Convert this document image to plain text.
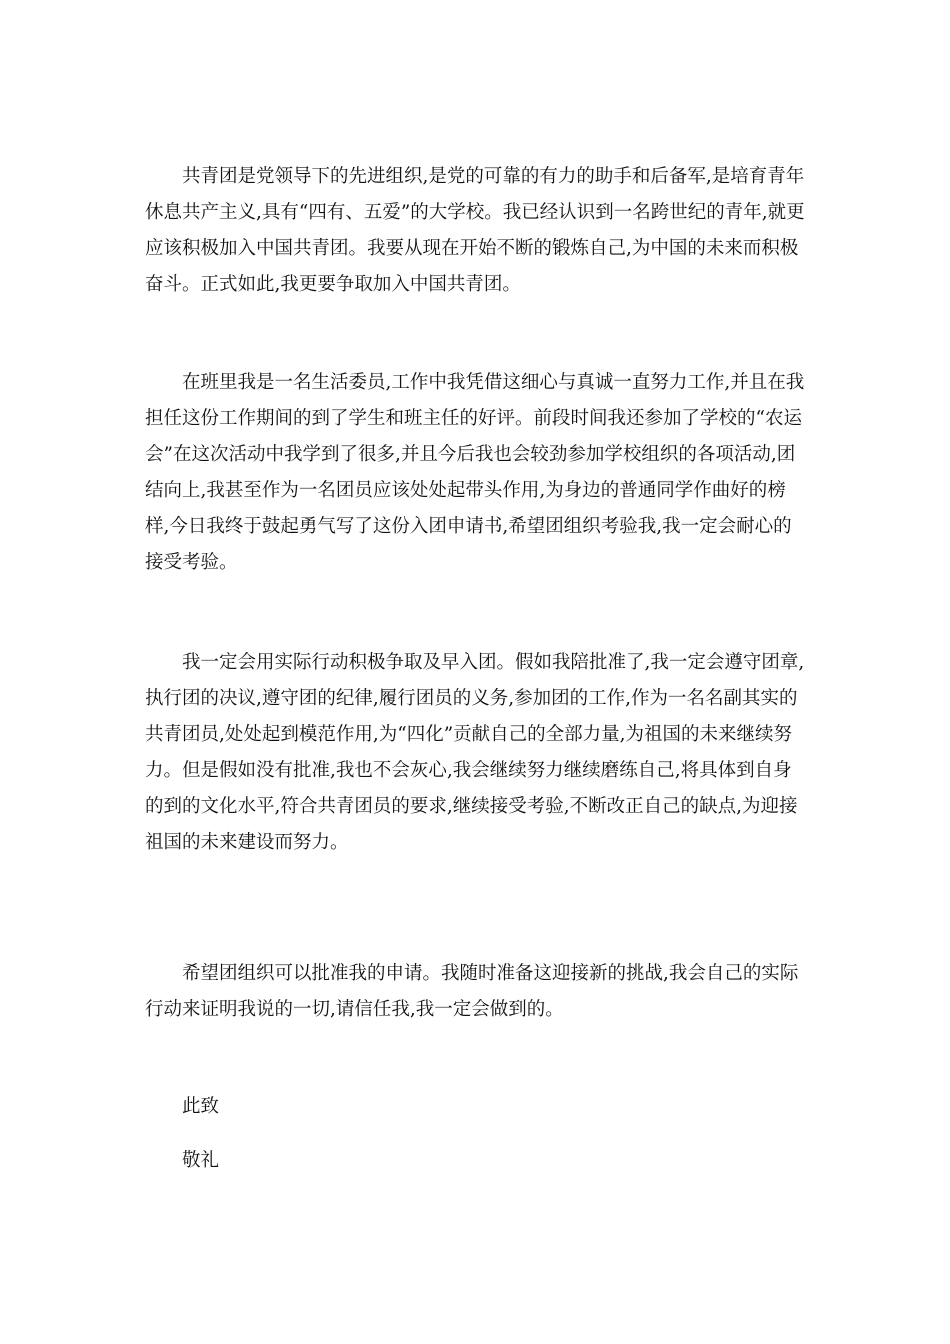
共青团是党领导下的先进组织,是党的可靠的有力的助手和后备军,是培育青年休息共产主义,具有“四有、五爱”的大学校。我已经认识到一名跨世纪的青年,就更应该积极加入中国共青团。我要从现在开始不断的锻炼自己,为中国的未来而积极奋斗。正式如此,我更要争取加入中国共青团。

在班里我是一名生活委员,工作中我凭借这细心与真诚一直努力工作,并且在我担任这份工作期间的到了学生和班主任的好评。前段时间我还参加了学校的“农运会”在这次活动中我学到了很多,并且今后我也会较劲参加学校组织的各项活动,团结向上,我甚至作为一名团员应该处处起带头作用,为身边的普通同学作曲好的榜样,今日我终于鼓起勇气写了这份入团申请书,希望团组织考验我,我一定会耐心的接受考验。

我一定会用实际行动积极争取及早入团。假如我陪批准了,我一定会遵守团章,执行团的决议,遵守团的纪律,履行团员的义务,参加团的工作,作为一名名副其实的共青团员,处处起到模范作用,为“四化”贡献自己的全部力量,为祖国的未来继续努力。但是假如没有批准,我也不会灰心,我会继续努力继续磨练自己,将具体到自身的到的文化水平,符合共青团员的要求,继续接受考验,不断改正自己的缺点,为迎接祖国的未来建设而努力。

希望团组织可以批准我的申请。我随时准备这迎接新的挑战,我会自己的实际行动来证明我说的一切,请信任我,我一定会做到的。

此致

敬礼
